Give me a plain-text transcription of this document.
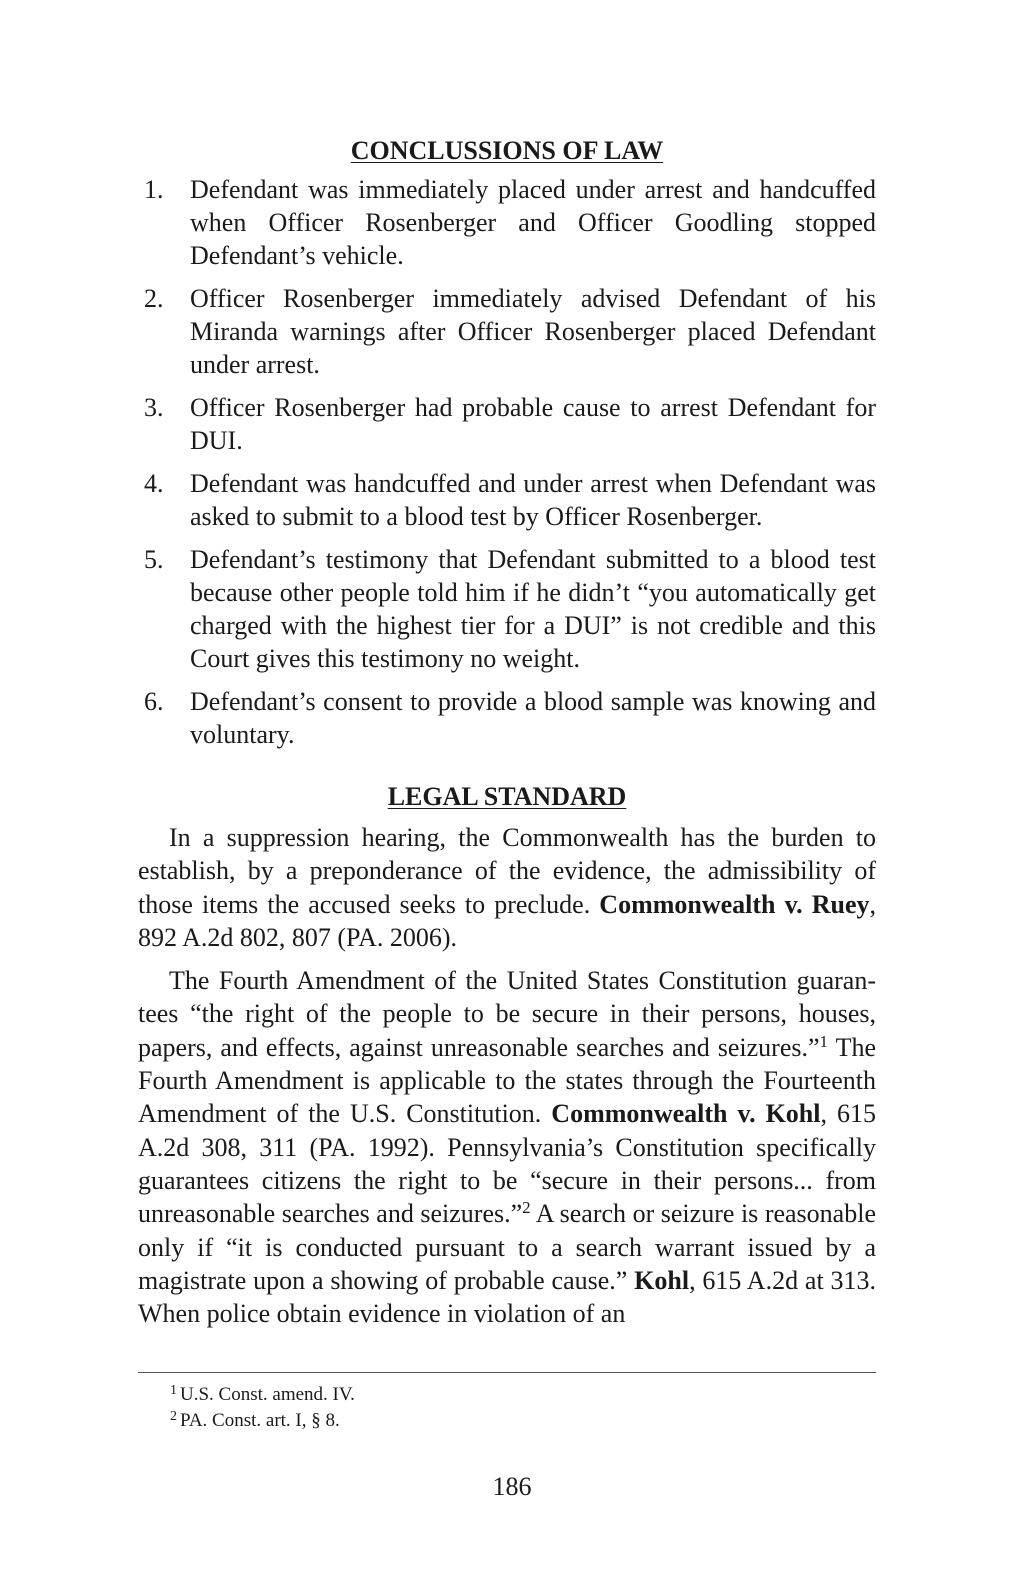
CONCLUSSIONS OF LAW
1. Defendant was immediately placed under arrest and handcuffed when Officer Rosenberger and Officer Goodling stopped Defendant’s vehicle.
2. Officer Rosenberger immediately advised Defendant of his Miranda warnings after Officer Rosenberger placed Defendant under arrest.
3. Officer Rosenberger had probable cause to arrest Defendant for DUI.
4. Defendant was handcuffed and under arrest when Defendant was asked to submit to a blood test by Officer Rosenberger.
5. Defendant’s testimony that Defendant submitted to a blood test because other people told him if he didn’t “you automatically get charged with the highest tier for a DUI” is not credible and this Court gives this testimony no weight.
6. Defendant’s consent to provide a blood sample was knowing and voluntary.
LEGAL STANDARD

In a suppression hearing, the Commonwealth has the burden to establish, by a preponderance of the evidence, the admissibility of those items the accused seeks to preclude. Commonwealth v. Ruey, 892 A.2d 802, 807 (PA. 2006).

The Fourth Amendment of the United States Constitution guarantees “the right of the people to be secure in their persons, houses, papers, and effects, against unreasonable searches and seizures.”$^1$ The Fourth Amendment is applicable to the states through the Fourteenth Amendment of the U.S. Constitution. Commonwealth v. Kohl, 615 A.2d 308, 311 (PA. 1992). Pennsylvania’s Constitution specifically guarantees citizens the right to be “secure in their persons... from unreasonable searches and seizures.”$^2$ A search or seizure is reasonable only if “it is conducted pursuant to a search warrant issued by a magistrate upon a showing of probable cause.” Kohl, 615 A.2d at 313. When police obtain evidence in violation of an

$^1$ U.S. Const. amend. IV.
$^2$ PA. Const. art. I, § 8.
186
